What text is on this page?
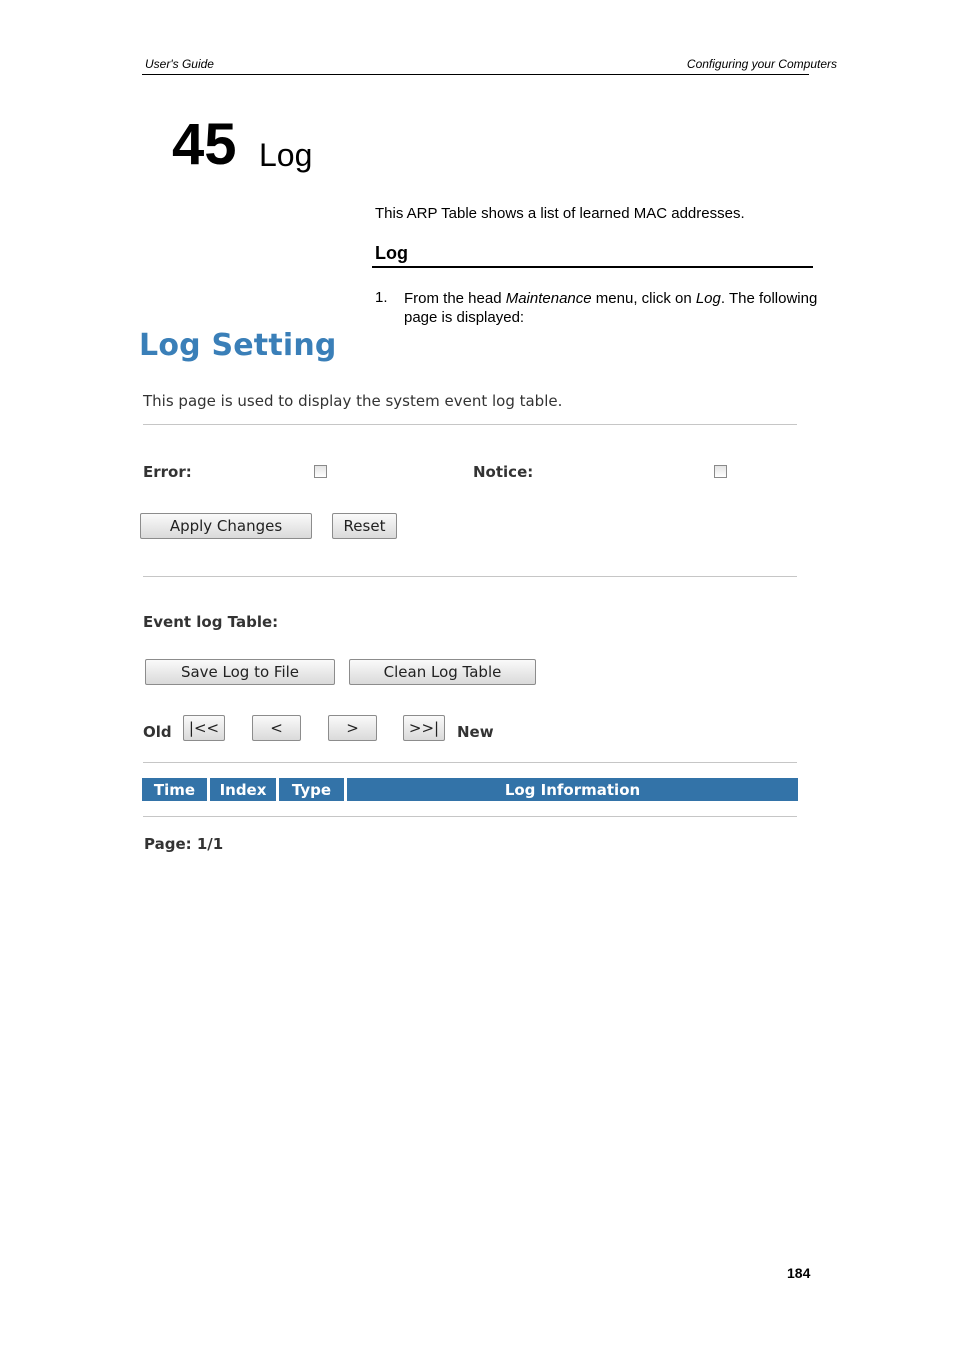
User's Guide	Configuring your Computers
45 Log
This ARP Table shows a list of learned MAC addresses.
Log
1. From the head Maintenance menu, click on Log. The following page is displayed:
Log Setting
This page is used to display the system event log table.
Error:	Notice:
Apply Changes	Reset
Event log Table:
Save Log to File	Clean Log Table
Old	|<<	<	>	>>|	New
Time	Index	Type	Log Information
Page: 1/1
184
